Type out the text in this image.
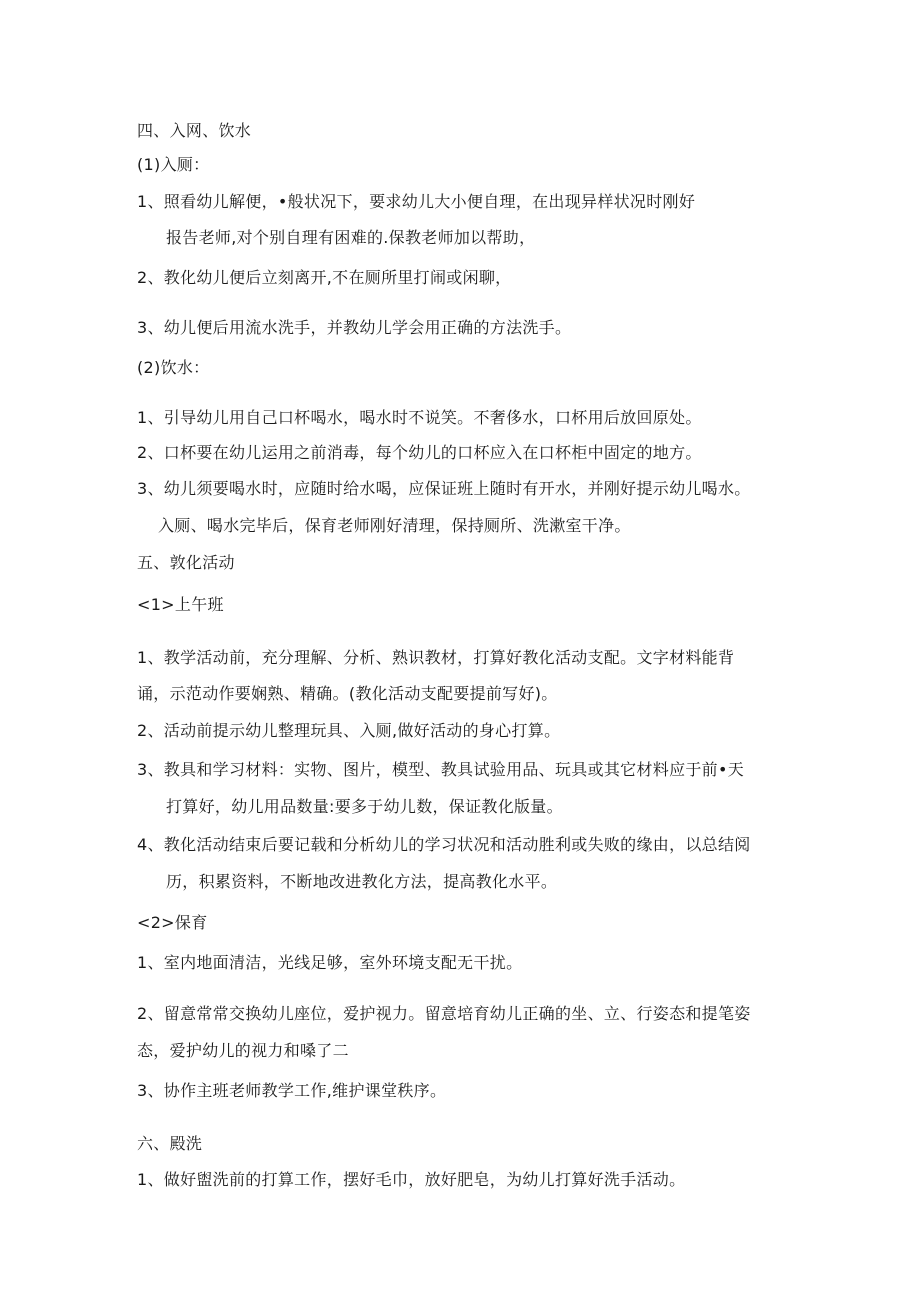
四、入网、饮水
(1)入厕：
1、照看幼儿解便，•般状况下，要求幼儿大小便自理，在出现异样状况时刚好
报告老师,对个别自理有困难的.保教老师加以帮助，
2、教化幼儿便后立刻离开,不在厕所里打闹或闲聊，
3、幼儿便后用流水洗手，并教幼儿学会用正确的方法洗手。
(2)饮水：
1、引导幼儿用自己口杯喝水，喝水时不说笑。不奢侈水，口杯用后放回原处。
2、口杯要在幼儿运用之前消毒，每个幼儿的口杯应入在口杯柜中固定的地方。
3、幼儿须要喝水时，应随时给水喝，应保证班上随时有开水，并刚好提示幼儿喝水。
入厕、喝水完毕后，保育老师刚好清理，保持厕所、洗漱室干净。
五、敦化活动
<1>上午班
1、教学活动前，充分理解、分析、熟识教材，打算好教化活动支配。文字材料能背
诵，示范动作要娴熟、精确。(教化活动支配要提前写好)。
2、活动前提示幼儿整理玩具、入厕,做好活动的身心打算。
3、教具和学习材料：实物、图片，模型、教具试验用品、玩具或其它材料应于前•天
打算好，幼儿用品数量:要多于幼儿数，保证教化版量。
4、教化活动结束后要记载和分析幼儿的学习状况和活动胜利或失败的缘由，以总结阅
历，积累资料，不断地改进教化方法，提高教化水平。
<2>保育
1、室内地面清洁，光线足够，室外环境支配无干扰。
2、留意常常交换幼儿座位，爱护视力。留意培育幼儿正确的坐、立、行姿态和提笔姿
态，爱护幼儿的视力和嗓了二
3、协作主班老师教学工作,维护课堂秩序。
六、殿洗
1、做好盥洗前的打算工作，摆好毛巾，放好肥皂，为幼儿打算好洗手活动。
